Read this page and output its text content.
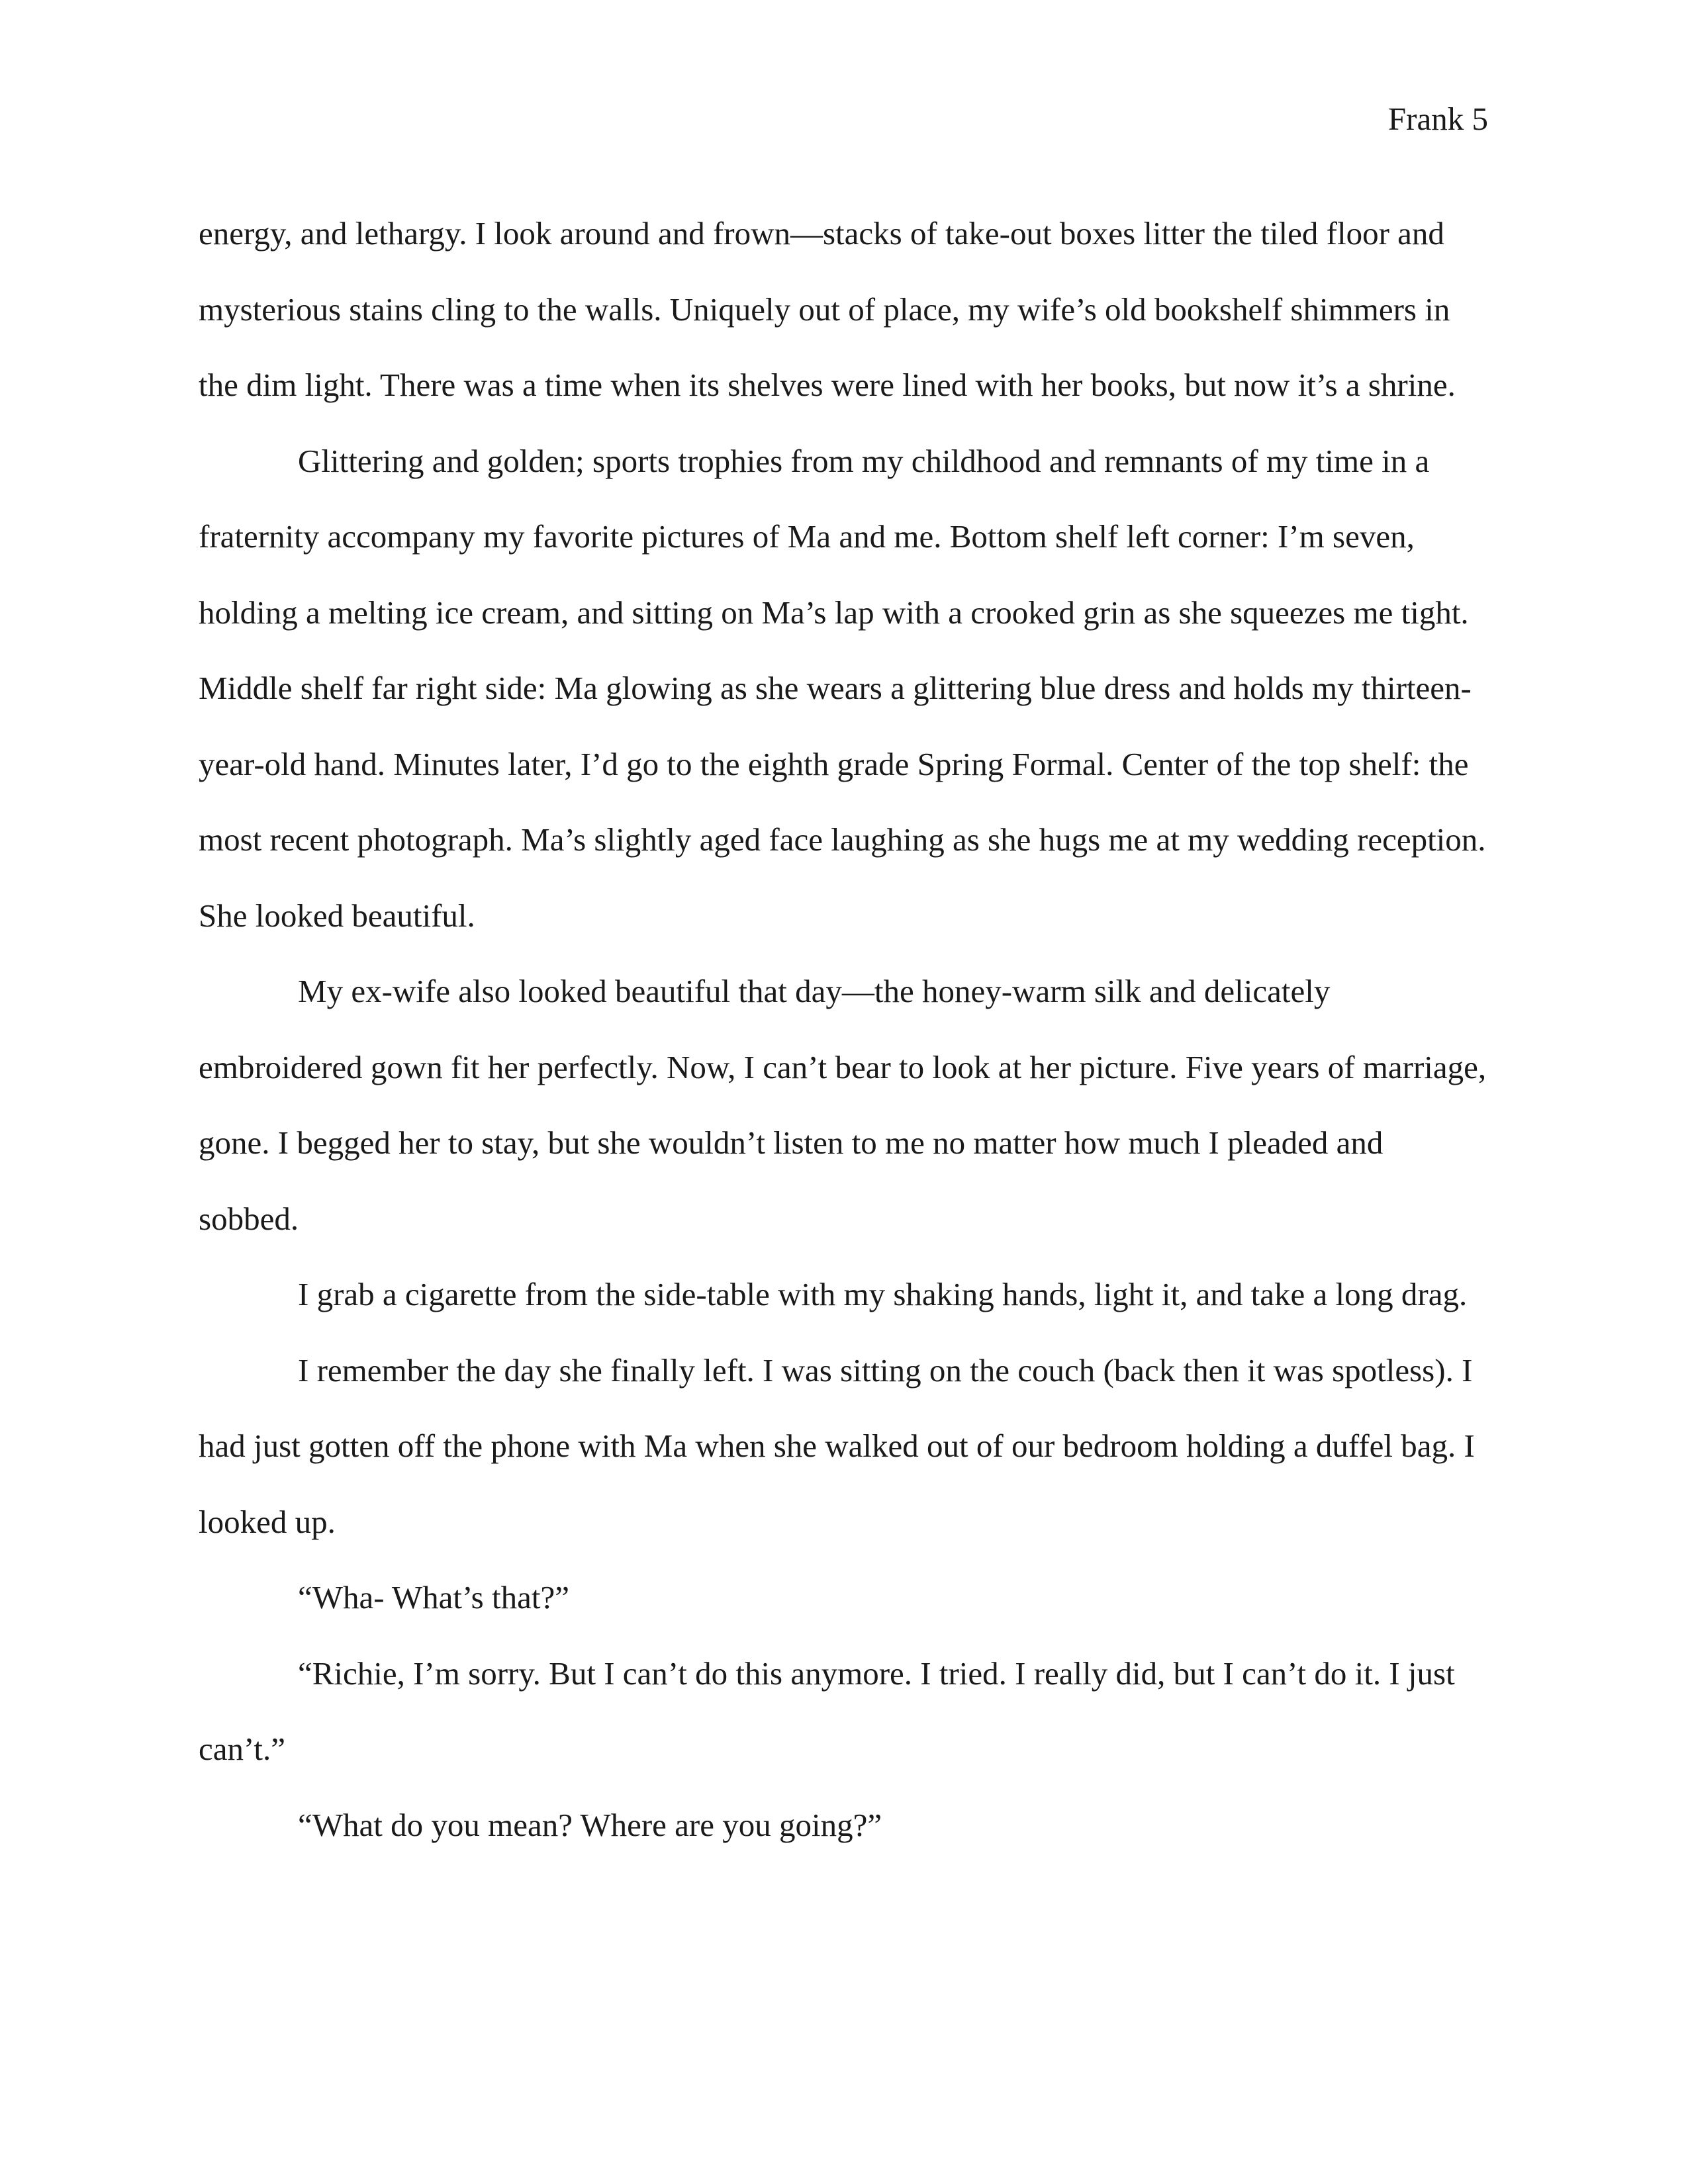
Frank 5

energy, and lethargy. I look around and frown—stacks of take-out boxes litter the tiled floor and mysterious stains cling to the walls. Uniquely out of place, my wife’s old bookshelf shimmers in the dim light. There was a time when its shelves were lined with her books, but now it’s a shrine.

Glittering and golden; sports trophies from my childhood and remnants of my time in a fraternity accompany my favorite pictures of Ma and me. Bottom shelf left corner: I’m seven, holding a melting ice cream, and sitting on Ma’s lap with a crooked grin as she squeezes me tight. Middle shelf far right side: Ma glowing as she wears a glittering blue dress and holds my thirteen-year-old hand. Minutes later, I’d go to the eighth grade Spring Formal. Center of the top shelf: the most recent photograph. Ma’s slightly aged face laughing as she hugs me at my wedding reception. She looked beautiful.

My ex-wife also looked beautiful that day—the honey-warm silk and delicately embroidered gown fit her perfectly. Now, I can’t bear to look at her picture. Five years of marriage, gone. I begged her to stay, but she wouldn’t listen to me no matter how much I pleaded and sobbed.

I grab a cigarette from the side-table with my shaking hands, light it, and take a long drag.

I remember the day she finally left. I was sitting on the couch (back then it was spotless). I had just gotten off the phone with Ma when she walked out of our bedroom holding a duffel bag. I looked up.

“Wha- What’s that?”

“Richie, I’m sorry. But I can’t do this anymore. I tried. I really did, but I can’t do it. I just can’t.”

“What do you mean? Where are you going?”
